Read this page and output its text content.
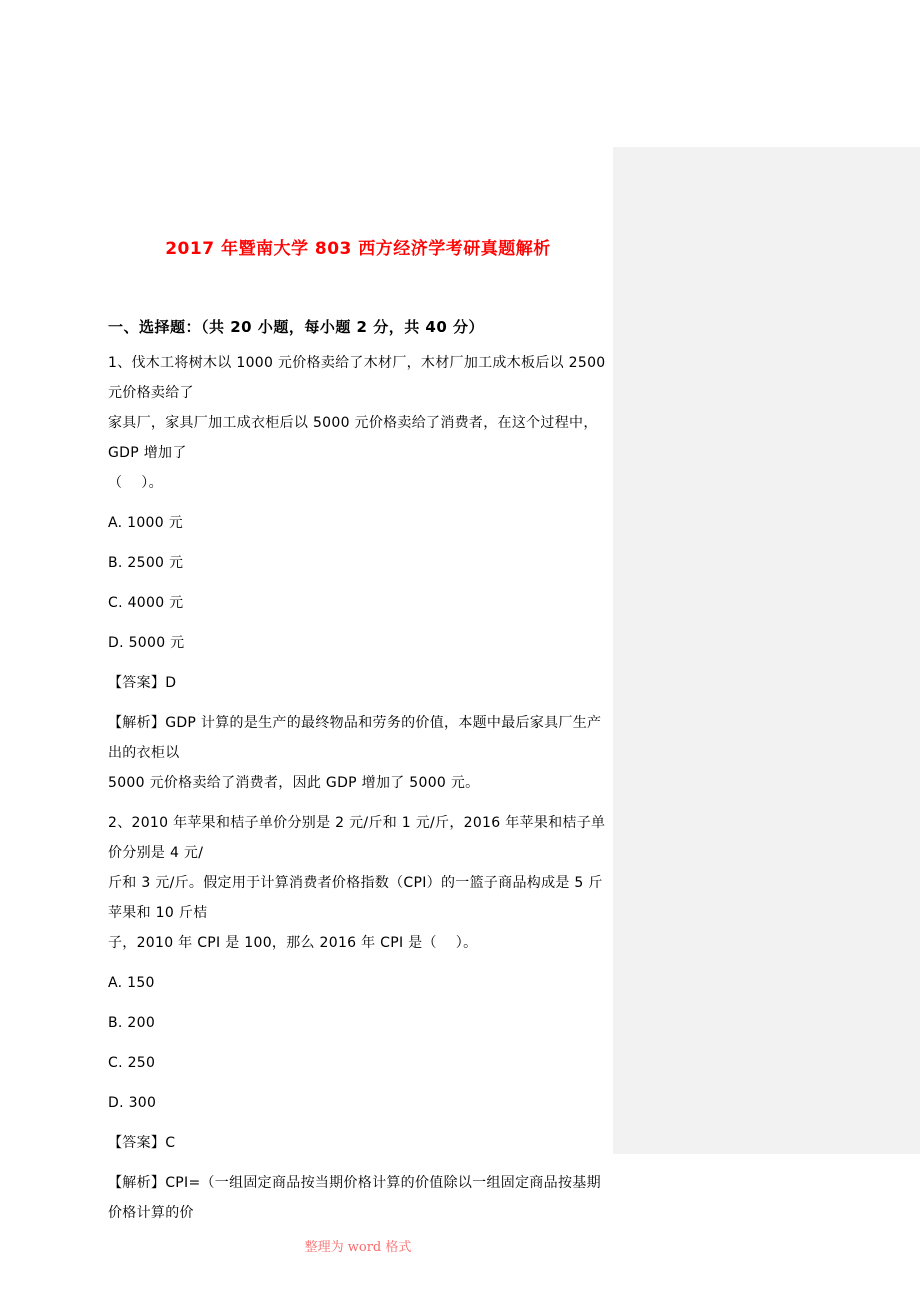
2017 年暨南大学 803 西方经济学考研真题解析
一、选择题：（共 20 小题，每小题 2 分，共 40 分）

1、伐木工将树木以 1000 元价格卖给了木材厂，木材厂加工成木板后以 2500 元价格卖给了
家具厂，家具厂加工成衣柜后以 5000 元价格卖给了消费者，在这个过程中，GDP 增加了
（    ）。

A. 1000 元

B. 2500 元

C. 4000 元

D. 5000 元

【答案】D

【解析】GDP 计算的是生产的最终物品和劳务的价值，本题中最后家具厂生产出的衣柜以
5000 元价格卖给了消费者，因此 GDP 增加了 5000 元。

2、2010 年苹果和桔子单价分别是 2 元/斤和 1 元/斤，2016 年苹果和桔子单价分别是 4 元/
斤和 3 元/斤。假定用于计算消费者价格指数（CPI）的一篮子商品构成是 5 斤苹果和 10 斤桔
子，2010 年 CPI 是 100，那么 2016 年 CPI 是（    ）。

A. 150

B. 200

C. 250

D. 300

【答案】C

【解析】CPI=（一组固定商品按当期价格计算的价值除以一组固定商品按基期价格计算的价

整理为 word 格式
